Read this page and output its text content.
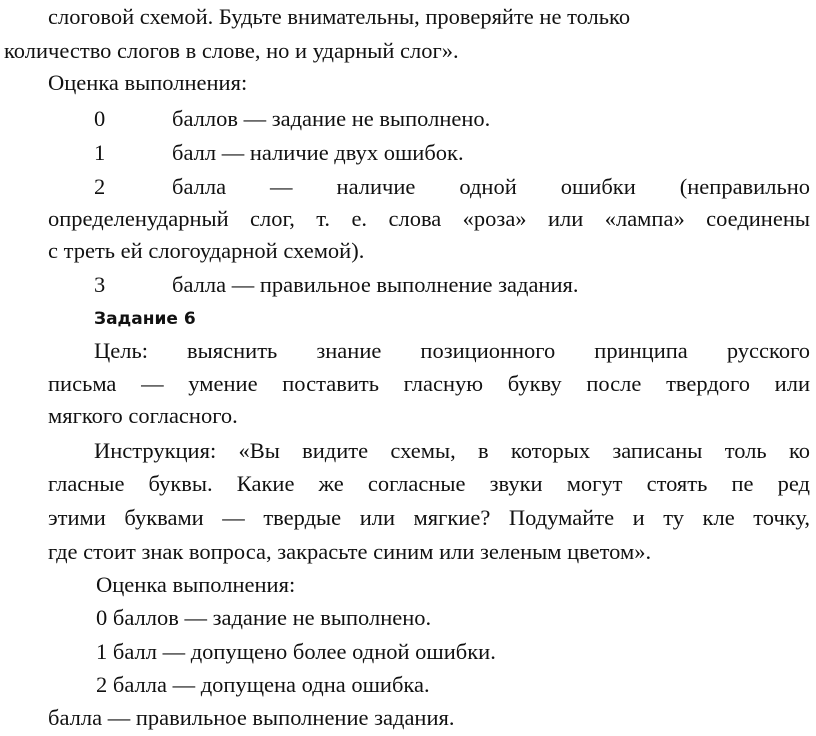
слоговой схемой. Будьте внимательны, проверяйте не только
количество слогов в слове, но и ударный слог».
Оценка выполнения:
0	баллов — задание не выполнено.
1	балл — наличие двух ошибок.
2	балла — наличие одной ошибки (неправильно
определенударный слог, т. е. слова «роза» или «лампа» соединены
с треть ей слогоударной схемой).
3	балла — правильное выполнение задания.
Задание 6
Цель: выяснить знание позиционного принципа русского
письма — умение поставить гласную букву после твердого или
мягкого согласного.
Инструкция: «Вы видите схемы, в которых записаны толь ко
гласные буквы. Какие же согласные звуки могут стоять пе ред
этими буквами — твердые или мягкие? Подумайте и ту кле точку,
где стоит знак вопроса, закрасьте синим или зеленым цветом».
Оценка выполнения:
0 баллов — задание не выполнено.
1 балл — допущено более одной ошибки.
2 балла — допущена одна ошибка.
балла — правильное выполнение задания.
